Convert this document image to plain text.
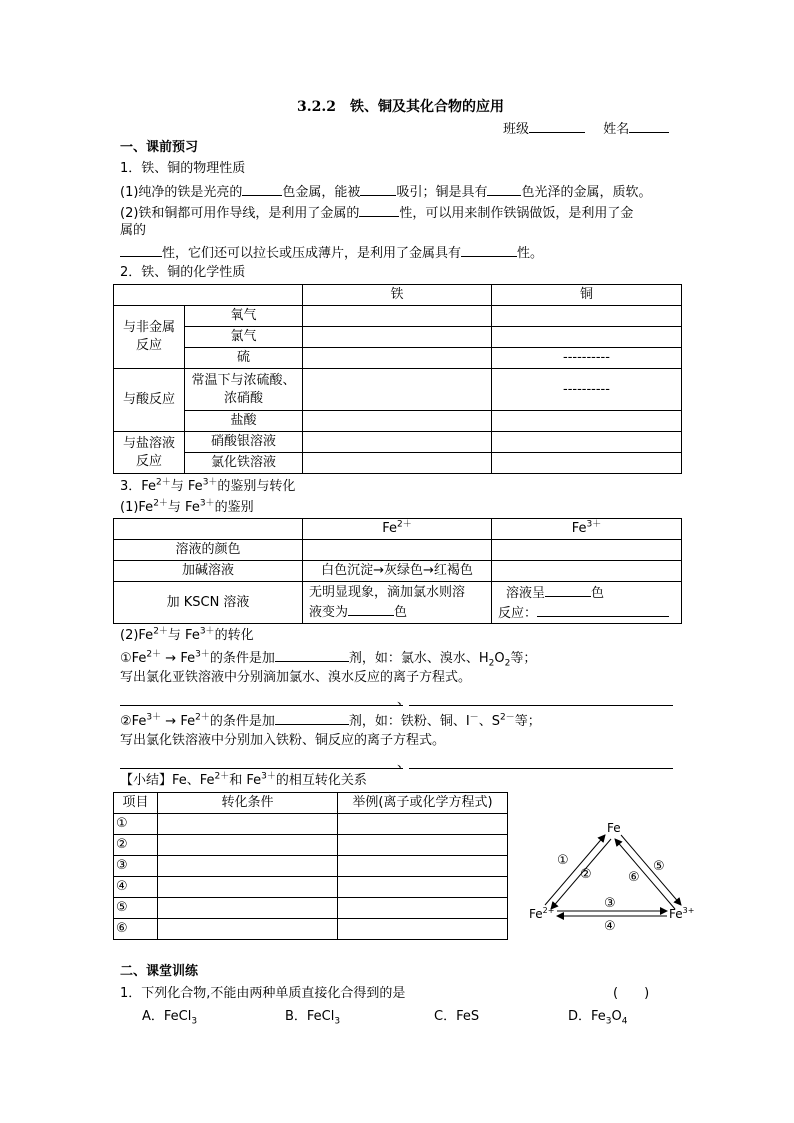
3.2.2　铁、铜及其化合物的应用
班级	姓名
一、课前预习
1．铁、铜的物理性质
(1)纯净的铁是光亮的	色金属，能被	吸引；铜是具有	色光泽的金属，质软。
(2)铁和铜都可用作导线，是利用了金属的	性，可以用来制作铁锅做饭，是利用了金
属的
性，它们还可以拉长或压成薄片，是利用了金属具有	性。
2．铁、铜的化学性质
		铁	铜
与非金属
反应	氧气		
	氯气		
	硫		----------
与酸反应	常温下与浓硫酸、
浓硝酸		----------
	盐酸		
与盐溶液
反应	硝酸银溶液		
	氯化铁溶液		
3．$Fe^{2+}$与 $Fe^{3+}$的鉴别与转化
$(1)Fe^{2+}$与 $Fe^{3+}$的鉴别
	$Fe^{2+}$	$Fe^{3+}$
溶液的颜色		
加碱溶液	白色沉淀→灰绿色→红褐色	
加 KSCN 溶液	无明显现象，滴加氯水则溶
液变为 色	溶液呈 色
反应：
$(2)Fe^{2+}$与 $Fe^{3+}$的转化
$①Fe^{2+} \to Fe^{3+}$的条件是加	剂，如：氯水、溴水、$H_2O_2$等；
写出氯化亚铁溶液中分别滴加氯水、溴水反应的离子方程式。
、
$②Fe^{3+} \to Fe^{2+}$的条件是加	剂，如：铁粉、铜、I－、$S^{2-}$等；
写出氯化铁溶液中分别加入铁粉、铜反应的离子方程式。
、
【小结】Fe、$Fe^{2+}$和 $Fe^{3+}$的相互转化关系
项目	转化条件	举例(离子或化学方程式)
①		
②		
③		
④		
⑤		
⑥		
Fe
$Fe^{2+}$	$Fe^{3+}$
①
②
⑤
⑥
③
④
二、课堂训练
1．下列化合物,不能由两种单质直接化合得到的是	(　　)
A．FeCl$_3$	B．FeCl$_3$	C．FeS	D．$Fe_3O_4$
